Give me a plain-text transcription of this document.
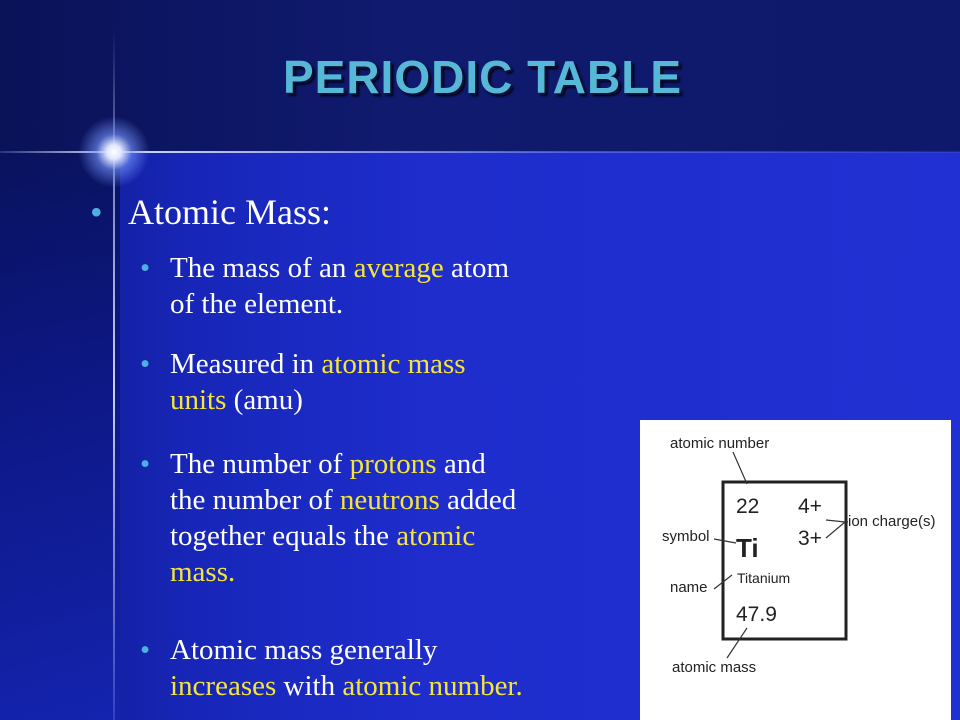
PERIODIC TABLE
• Atomic Mass:
• The mass of an average atom
of the element.
• Measured in atomic mass
units (amu)
• The number of protons and
the number of neutrons added
together equals the atomic
mass.
• Atomic mass generally
increases with atomic number.
atomic number
symbol
name
atomic mass
ion charge(s)
22 4+
3+
Ti
Titanium
47.9
